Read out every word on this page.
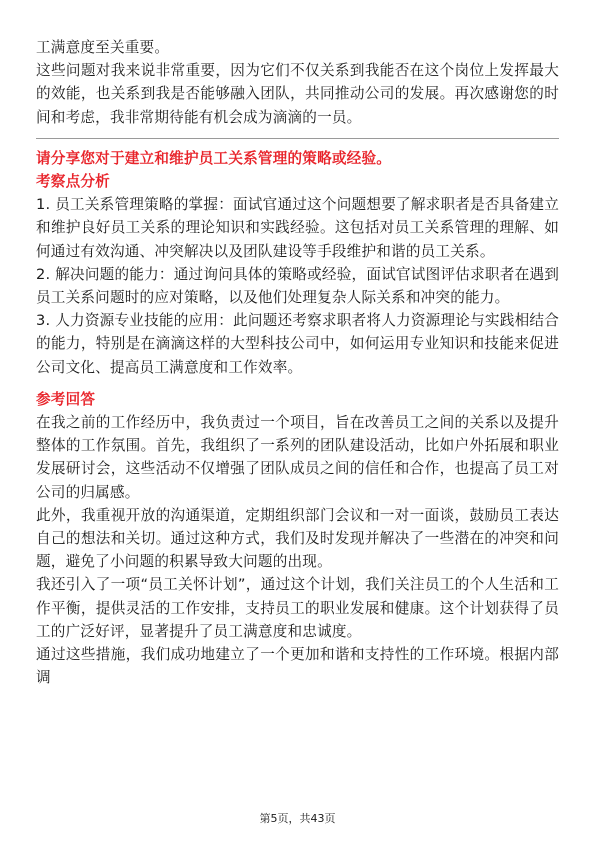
工满意度至关重要。

这些问题对我来说非常重要，因为它们不仅关系到我能否在这个岗位上发挥最大的效能，也关系到我是否能够融入团队，共同推动公司的发展。再次感谢您的时间和考虑，我非常期待能有机会成为滴滴的一员。

请分享您对于建立和维护员工关系管理的策略或经验。
考察点分析

1. 员工关系管理策略的掌握：面试官通过这个问题想要了解求职者是否具备建立和维护良好员工关系的理论知识和实践经验。这包括对员工关系管理的理解、如何通过有效沟通、冲突解决以及团队建设等手段维护和谐的员工关系。

2. 解决问题的能力：通过询问具体的策略或经验，面试官试图评估求职者在遇到员工关系问题时的应对策略，以及他们处理复杂人际关系和冲突的能力。

3. 人力资源专业技能的应用：此问题还考察求职者将人力资源理论与实践相结合的能力，特别是在滴滴这样的大型科技公司中，如何运用专业知识和技能来促进公司文化、提高员工满意度和工作效率。

参考回答

在我之前的工作经历中，我负责过一个项目，旨在改善员工之间的关系以及提升整体的工作氛围。首先，我组织了一系列的团队建设活动，比如户外拓展和职业发展研讨会，这些活动不仅增强了团队成员之间的信任和合作，也提高了员工对公司的归属感。

此外，我重视开放的沟通渠道，定期组织部门会议和一对一面谈，鼓励员工表达自己的想法和关切。通过这种方式，我们及时发现并解决了一些潜在的冲突和问题，避免了小问题的积累导致大问题的出现。

我还引入了一项“员工关怀计划”，通过这个计划，我们关注员工的个人生活和工作平衡，提供灵活的工作安排，支持员工的职业发展和健康。这个计划获得了员工的广泛好评，显著提升了员工满意度和忠诚度。

通过这些措施，我们成功地建立了一个更加和谐和支持性的工作环境。根据内部调

第5页，共43页
